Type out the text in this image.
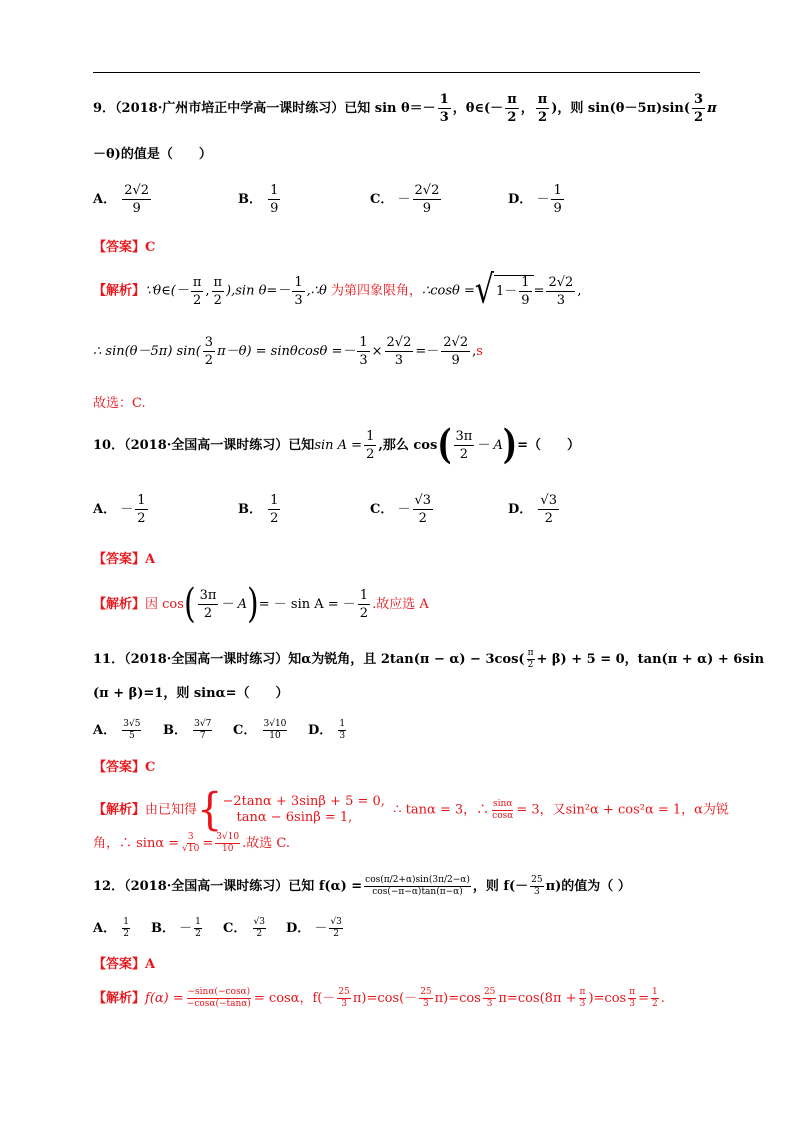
9．（2018·广州市培正中学高一课时练习）已知 $\sin \theta=- \frac{1}{3}$ ，θ∈(－ $\frac{\pi}{2}$ ， $\frac{\pi}{2}$ )，则 $\sin(\theta-5\pi)\sin( \frac{3}{2}$ π
－θ)的值是（　　）
A． $\frac{2√2}{9}$	B． $\frac{1}{9}$	C． － $\frac{2√2}{9}$	D． － $\frac{1}{9}$
【答案】C
【解析】∵θ∈(－ $\frac{\pi}{2}$ , $\frac{\pi}{2} ),\sin$ $\theta=- \frac{1}{3}$ ,∴θ 为第四象限角，∴cosθ = √ $1- \frac{1}{9} = \frac{2√2}{3}$ ,
∴ sin(θ－5π) $\sin( \frac{3}{2} \pi-\theta) = \sin\theta\cos\theta =- \frac{1}{3} \times \frac{2√2}{3} =- \frac{2√2}{9} ,s$
故选：C.
10．（2018·全国高一课时练习）已知$\sin A = \frac{1}{2}$ ,那么 $\cos( \frac{3\pi}{2} - A)=$（　　）
A． － $\frac{1}{2}$	B． $\frac{1}{2}$	C． － $\frac{√3}{2}$	D． $\frac{√3}{2}$
【答案】A
【解析】因 $\cos( \frac{3\pi}{2} - A)= - \sin A$ = － $\frac{1}{2}$ .故应选 A
11．（2018·全国高一课时练习）知α为锐角，且 $2\tan(\pi - \alpha) - 3\cos( \frac{\pi}{2} + \beta) + 5 = 0$，tan(π + α) + 6sin
(π + β)=1，则 sinα=（　　）
A． $\frac{3√5}{5}$ B． $\frac{3√7}{7}$ C． $\frac{3√10}{10}$ D． $\frac{1}{3}$
【答案】C
【解析】由已知得 { −2tanα + 3sinβ + 5 = 0,
tanα − 6sinβ = 1,	∴ tanα = 3，∴ $\frac{\sin\alpha}{\cos\alpha} = 3$，又sin²α + cos²α = 1，α为锐
角，∴ $\sin\alpha = \frac{3}{√10} = \frac{3√10}{10}$ .故选 C.
12．（2018·全国高一课时练习）已知 $f(\alpha) = \frac{\cos(\pi/2+\alpha)\sin(3\pi/2-\alpha)}{\cos(-\pi-\alpha)\tan(\pi-\alpha)}$ ，则 $f(- \frac{25}{3} \pi)$的值为（ ）
A． $\frac{1}{2}$ B． － $\frac{1}{2}$ C． $\frac{√3}{2}$ D． － $\frac{√3}{2}$
【答案】A
【解析】$f(\alpha) = \frac{-\sin\alpha(-\cos\alpha)}{-\cos\alpha(-\tan\alpha)} = \cos\alpha$，$f(- \frac{25}{3} \pi)=\cos(- \frac{25}{3} \pi)=\cos \frac{25}{3} \pi=\cos(8\pi + \frac{\pi}{3} )=\cos \frac{\pi}{3} = \frac{1}{2}$ .
